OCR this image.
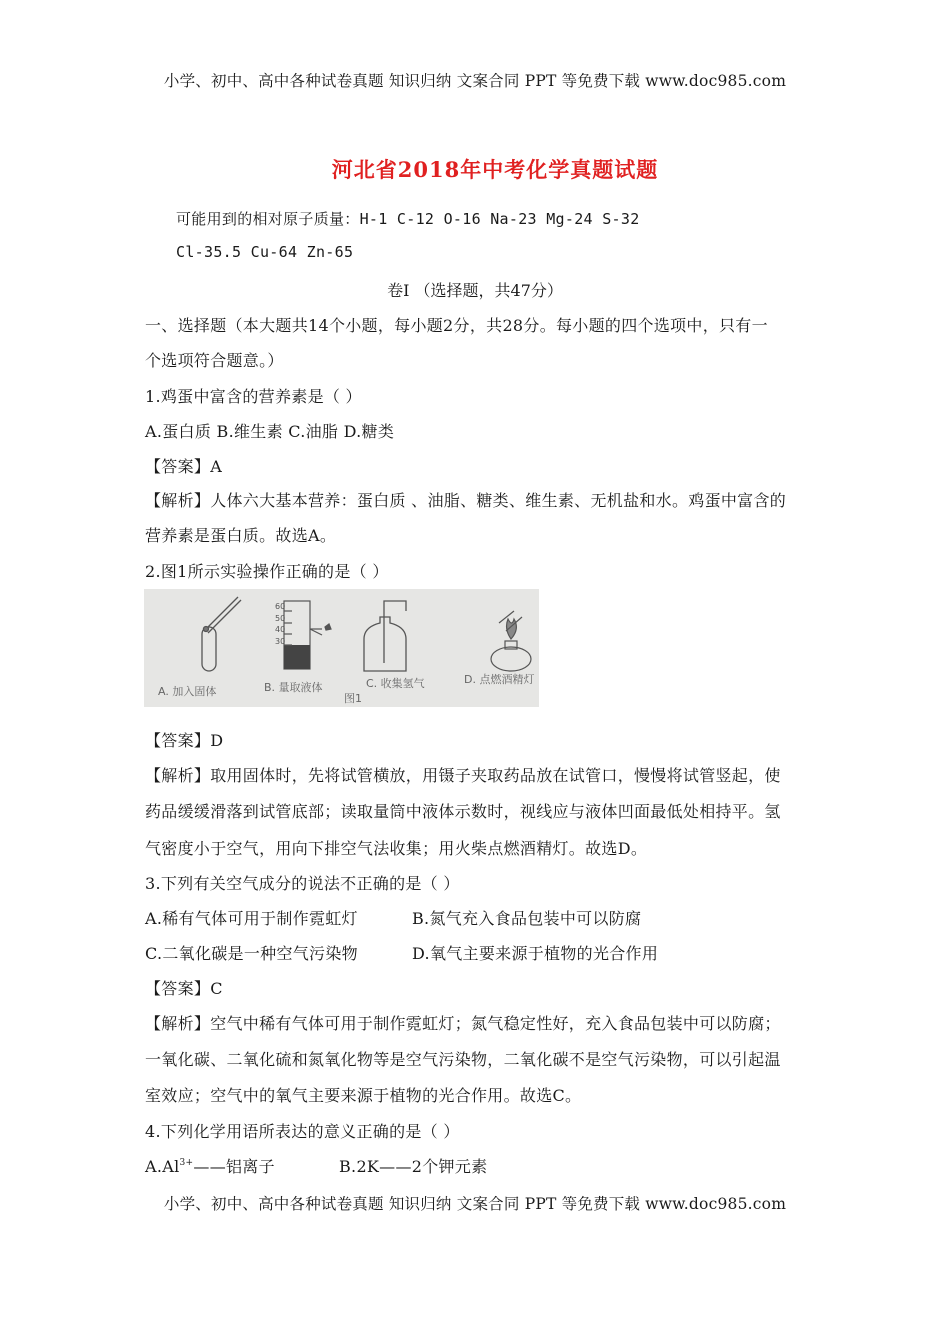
小学、初中、高中各种试卷真题 知识归纳 文案合同 PPT 等免费下载 www.doc985.com
河北省2018年中考化学真题试题
可能用到的相对原子质量：H-1 C-12 O-16 Na-23 Mg-24 S-32
Cl-35.5 Cu-64 Zn-65
卷Ⅰ （选择题，共47分）
一、选择题（本大题共14个小题，每小题2分，共28分。每小题的四个选项中，只有一
个选项符合题意。）
1.鸡蛋中富含的营养素是（ ）
A.蛋白质 B.维生素 C.油脂 D.糖类
【答案】A
【解析】人体六大基本营养：蛋白质 、油脂、糖类、维生素、无机盐和水。鸡蛋中富含的
营养素是蛋白质。故选A。
2.图1所示实验操作正确的是（ ）
60
50
40
30
A. 加入固体	B. 量取液体	C. 收集氢气	D. 点燃酒精灯
图1
【答案】D
【解析】取用固体时，先将试管横放，用镊子夹取药品放在试管口，慢慢将试管竖起，使
药品缓缓滑落到试管底部；读取量筒中液体示数时，视线应与液体凹面最低处相持平。氢
气密度小于空气，用向下排空气法收集；用火柴点燃酒精灯。故选D。
3.下列有关空气成分的说法不正确的是（ ）
A.稀有气体可用于制作霓虹灯	B.氮气充入食品包装中可以防腐
C.二氧化碳是一种空气污染物	D.氧气主要来源于植物的光合作用
【答案】C
【解析】空气中稀有气体可用于制作霓虹灯；氮气稳定性好，充入食品包装中可以防腐；
一氧化碳、二氧化硫和氮氧化物等是空气污染物，二氧化碳不是空气污染物，可以引起温
室效应；空气中的氧气主要来源于植物的光合作用。故选C。
4.下列化学用语所表达的意义正确的是（ ）
$A.Al^{3+}——$铝离子	B.2K——2个钾元素
小学、初中、高中各种试卷真题 知识归纳 文案合同 PPT 等免费下载 www.doc985.com
